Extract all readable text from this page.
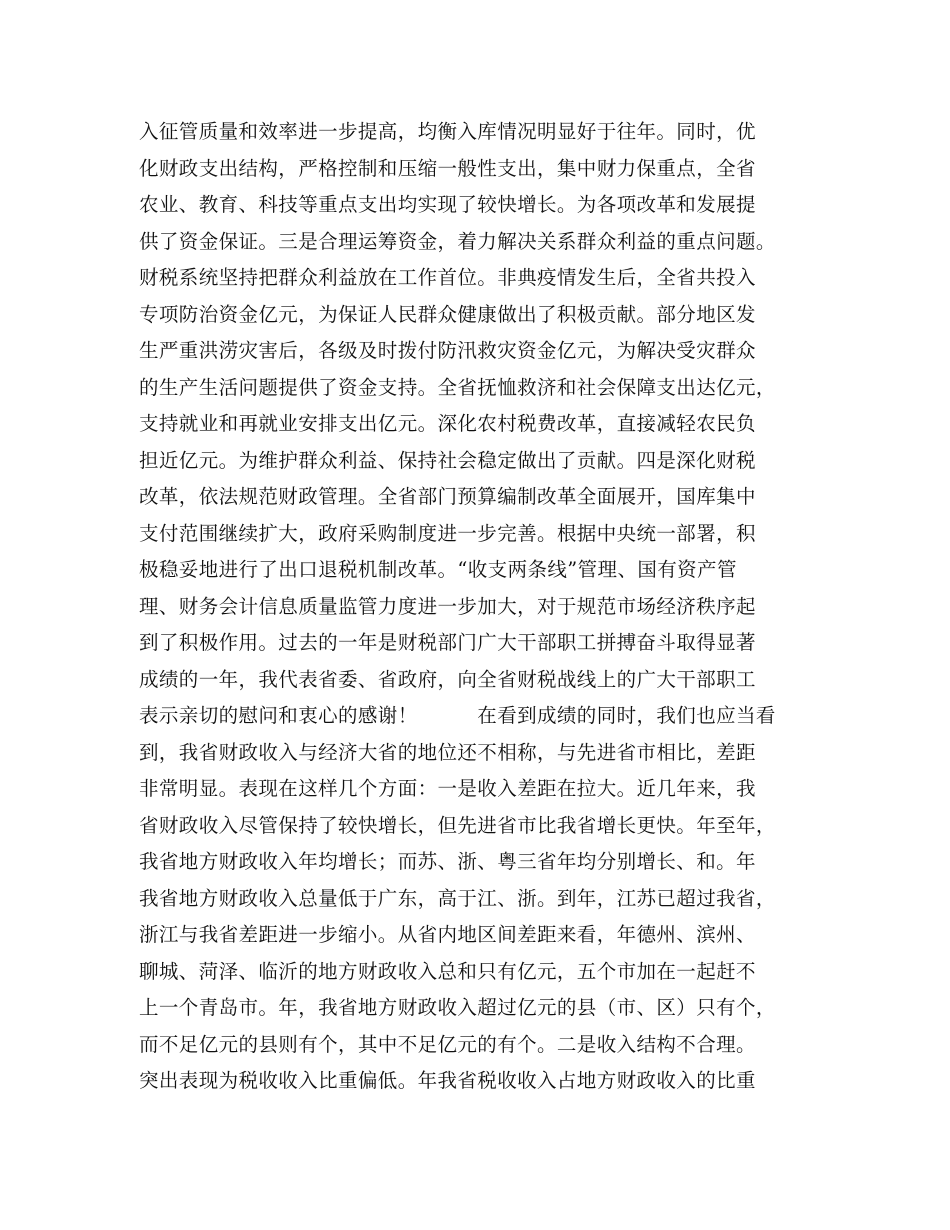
入征管质量和效率进一步提高，均衡入库情况明显好于往年。同时，优
化财政支出结构，严格控制和压缩一般性支出，集中财力保重点，全省
农业、教育、科技等重点支出均实现了较快增长。为各项改革和发展提
供了资金保证。三是合理运筹资金，着力解决关系群众利益的重点问题。
财税系统坚持把群众利益放在工作首位。非典疫情发生后，全省共投入
专项防治资金亿元，为保证人民群众健康做出了积极贡献。部分地区发
生严重洪涝灾害后，各级及时拨付防汛救灾资金亿元，为解决受灾群众
的生产生活问题提供了资金支持。全省抚恤救济和社会保障支出达亿元，
支持就业和再就业安排支出亿元。深化农村税费改革，直接减轻农民负
担近亿元。为维护群众利益、保持社会稳定做出了贡献。四是深化财税
改革，依法规范财政管理。全省部门预算编制改革全面展开，国库集中
支付范围继续扩大，政府采购制度进一步完善。根据中央统一部署，积
极稳妥地进行了出口退税机制改革。“收支两条线”管理、国有资产管
理、财务会计信息质量监管力度进一步加大，对于规范市场经济秩序起
到了积极作用。过去的一年是财税部门广大干部职工拼搏奋斗取得显著
成绩的一年，我代表省委、省政府，向全省财税战线上的广大干部职工
表示亲切的慰问和衷心的感谢！　　　在看到成绩的同时，我们也应当看
到，我省财政收入与经济大省的地位还不相称，与先进省市相比，差距
非常明显。表现在这样几个方面：一是收入差距在拉大。近几年来，我
省财政收入尽管保持了较快增长，但先进省市比我省增长更快。年至年，
我省地方财政收入年均增长；而苏、浙、粤三省年均分别增长、和。年
我省地方财政收入总量低于广东，高于江、浙。到年，江苏已超过我省，
浙江与我省差距进一步缩小。从省内地区间差距来看，年德州、滨州、
聊城、菏泽、临沂的地方财政收入总和只有亿元，五个市加在一起赶不
上一个青岛市。年，我省地方财政收入超过亿元的县（市、区）只有个，
而不足亿元的县则有个，其中不足亿元的有个。二是收入结构不合理。
突出表现为税收收入比重偏低。年我省税收收入占地方财政收入的比重
